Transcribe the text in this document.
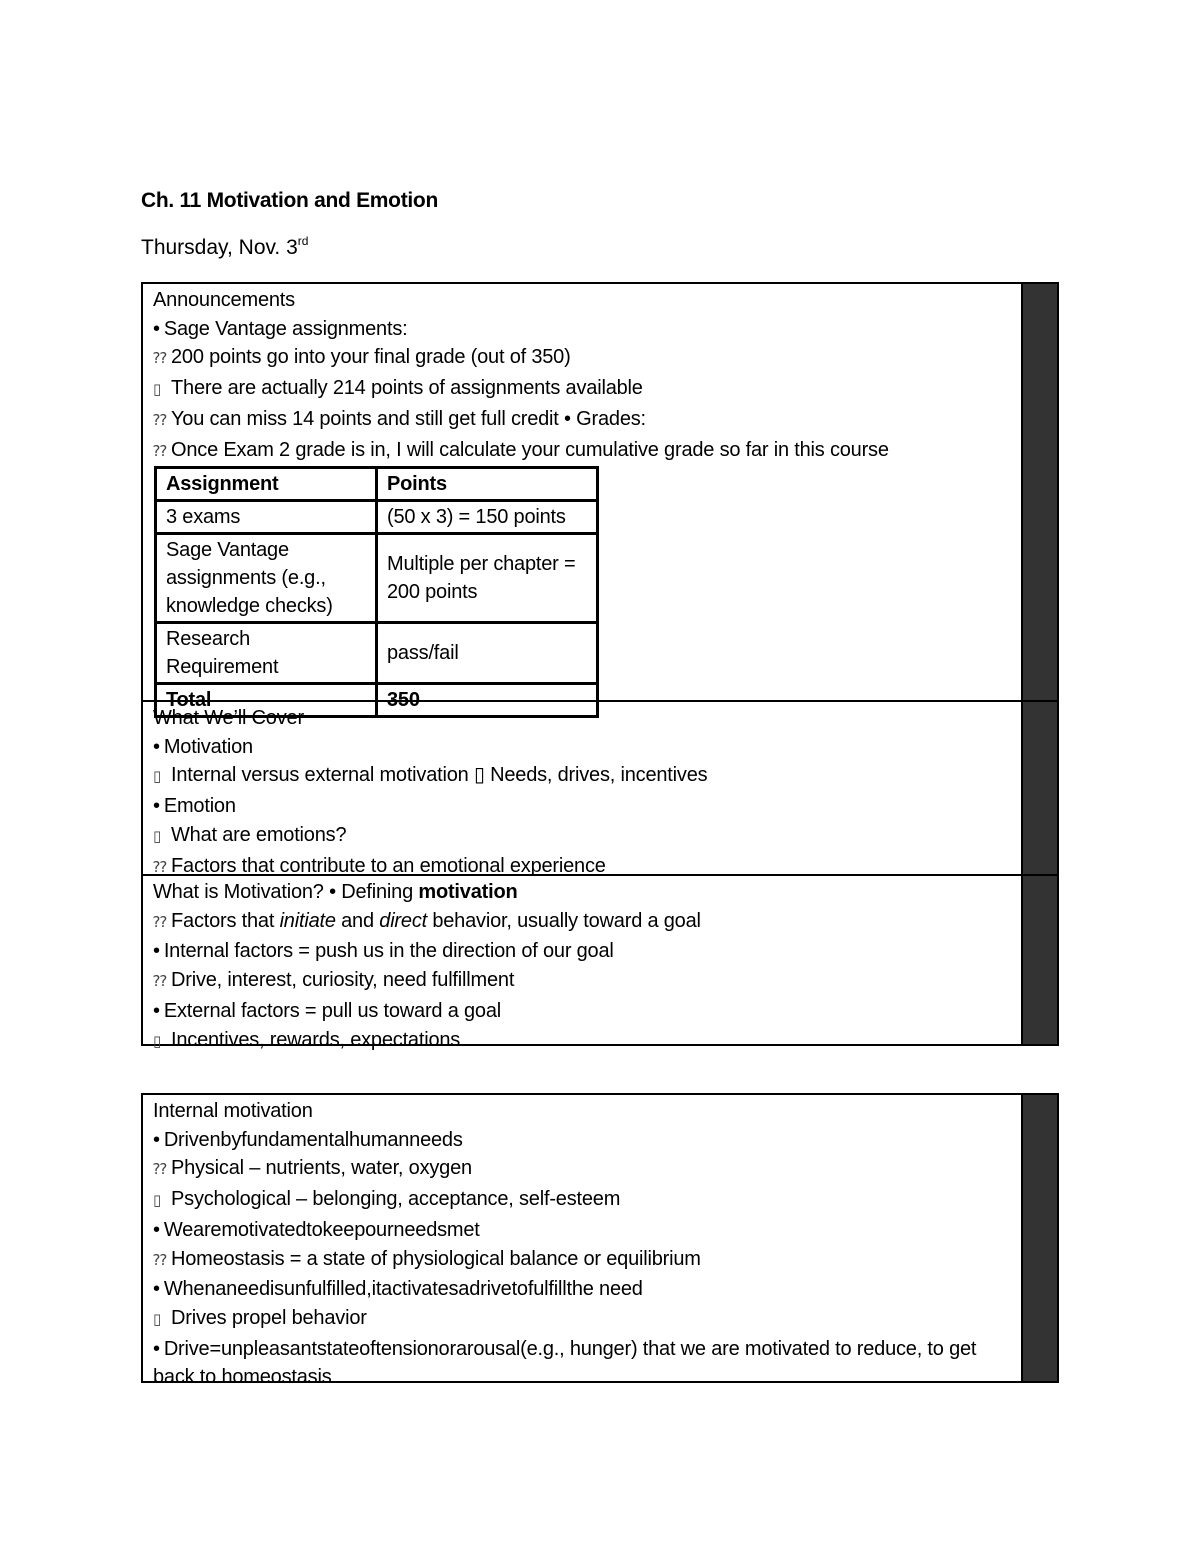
Ch. 11 Motivation and Emotion
Thursday, Nov. 3rd
Announcements
• Sage Vantage assignments:
⁇ 200 points go into your final grade (out of 350)
▯ There are actually 214 points of assignments available
⁇ You can miss 14 points and still get full credit • Grades:
⁇ Once Exam 2 grade is in, I will calculate your cumulative grade so far in this course
Assignment	Points
3 exams	(50 x 3) = 150 points
Sage Vantage assignments (e.g., knowledge checks)	Multiple per chapter = 200 points
Research Requirement	pass/fail
Total	350
What We’ll Cover
• Motivation
▯ Internal versus external motivation ▯ Needs, drives, incentives
• Emotion
▯ What are emotions?
⁇ Factors that contribute to an emotional experience
What is Motivation? • Defining motivation
⁇ Factors that initiate and direct behavior, usually toward a goal
• Internal factors = push us in the direction of our goal
⁇ Drive, interest, curiosity, need fulfillment
• External factors = pull us toward a goal
▯ Incentives, rewards, expectations
Internal motivation
• Drivenbyfundamentalhumanneeds
⁇ Physical – nutrients, water, oxygen
▯ Psychological – belonging, acceptance, self-esteem
• Wearemotivatedtokeepourneedsmet
⁇ Homeostasis = a state of physiological balance or equilibrium
• Whenaneedisunfulfilled,itactivatesadrivetofulfillthe need
▯ Drives propel behavior
• Drive=unpleasantstateoftensionorarousal(e.g., hunger) that we are motivated to reduce, to get back to homeostasis
